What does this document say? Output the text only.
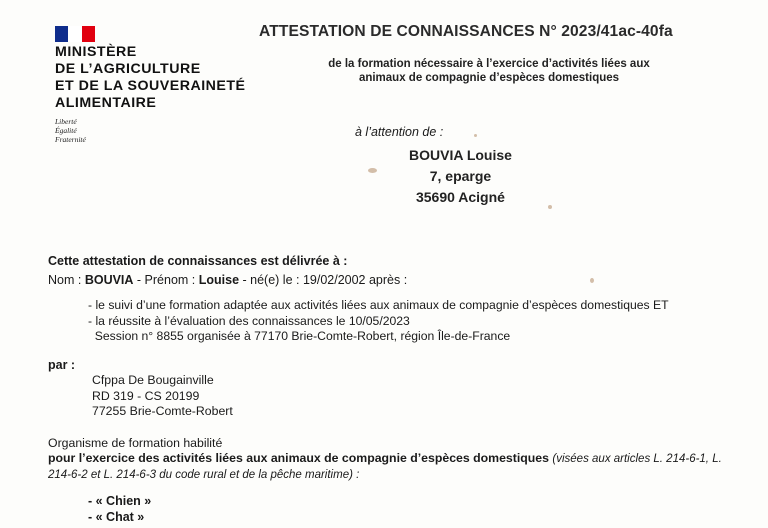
MINISTÈRE
DE L’AGRICULTURE
ET DE LA SOUVERAINETÉ
ALIMENTAIRE
Liberté
Égalité
Fraternité
ATTESTATION DE CONNAISSANCES N° 2023/41ac-40fa
de la formation nécessaire à l’exercice d’activités liées aux
animaux de compagnie d’espèces domestiques
à l’attention de :
BOUVIA Louise
7, eparge
35690 Acigné
Cette attestation de connaissances est délivrée à :
Nom : BOUVIA - Prénom : Louise - né(e) le : 19/02/2002 après :
- le suivi d’une formation adaptée aux activités liées aux animaux de compagnie d’espèces domestiques ET
- la réussite à l’évaluation des connaissances le 10/05/2023
Session n° 8855 organisée à 77170 Brie-Comte-Robert, région Île-de-France
par :
Cfppa De Bougainville
RD 319 - CS 20199
77255 Brie-Comte-Robert
Organisme de formation habilité
pour l’exercice des activités liées aux animaux de compagnie d’espèces domestiques (visées aux articles L. 214-6-1, L. 214-6-2 et L. 214-6-3 du code rural et de la pêche maritime) :
- « Chien »
- « Chat »
